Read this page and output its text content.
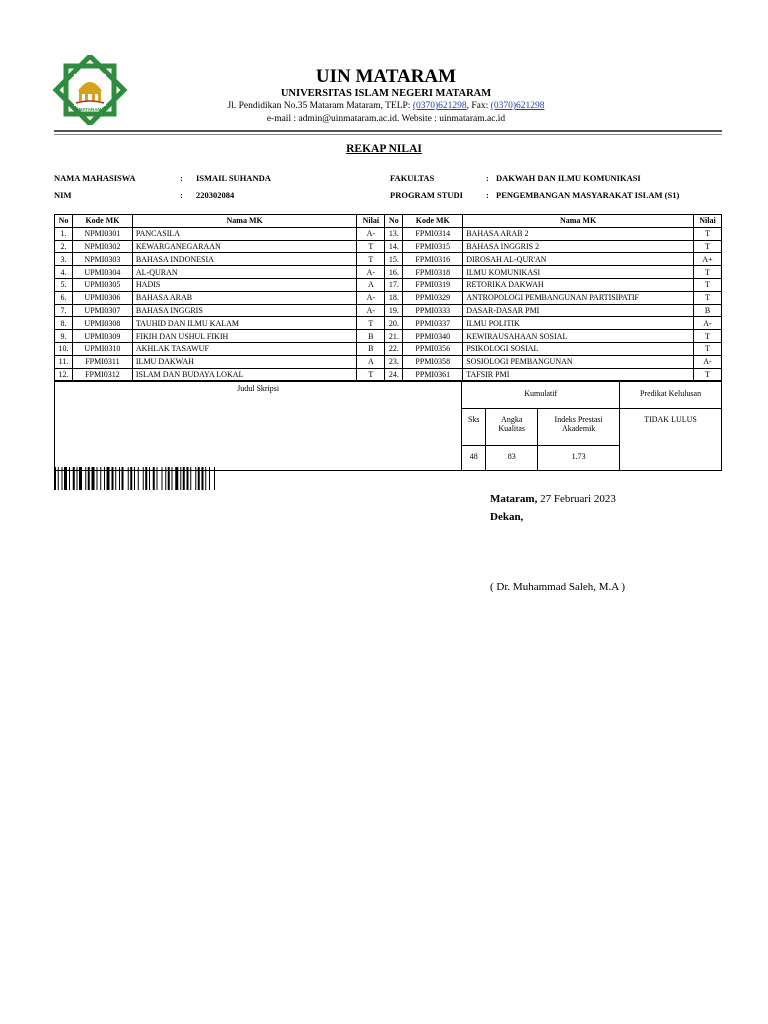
MATARAM
UIN MATARAM
UNIVERSITAS ISLAM NEGERI MATARAM
Jl. Pendidikan No.35 Mataram Mataram, TELP: (0370)621298, Fax: (0370)621298
e-mail : admin@uinmataram.ac.id. Website : uinmataram.ac.id
REKAP NILAI
NAMA MAHASISWA	: ISMAIL SUHANDA
NIM	: 220302084
FAKULTAS	: DAKWAH DAN ILMU KOMUNIKASI
PROGRAM STUDI	: PENGEMBANGAN MASYARAKAT ISLAM (S1)
No	Kode MK	Nama MK	Nilai	No	Kode MK	Nama MK	Nilai
1.	NPMI0301	PANCASILA	A-	13.	FPMI0314	BAHASA ARAB 2	T
2.	NPMI0302	KEWARGANEGARAAN	T	14.	FPMI0315	BAHASA INGGRIS 2	T
3.	NPMI0303	BAHASA INDONESIA	T	15.	FPMI0316	DIROSAH AL-QUR'AN	A+
4.	UPMI0304	AL-QURAN	A-	16.	FPMI0318	ILMU KOMUNIKASI	T
5.	UPMI0305	HADIS	A	17.	FPMI0319	RETORIKA DAKWAH	T
6.	UPMI0306	BAHASA ARAB	A-	18.	PPMI0329	ANTROPOLOGI PEMBANGUNAN PARTISIPATIF	T
7.	UPMI0307	BAHASA INGGRIS	A-	19.	PPMI0333	DASAR-DASAR PMI	B
8.	UPMI0308	TAUHID DAN ILMU KALAM	T	20.	PPMI0337	ILMU POLITIK	A-
9.	UPMI0309	FIKIH DAN USHUL FIKIH	B	21.	PPMI0340	KEWIRAUSAHAAN SOSIAL	T
10.	UPMI0310	AKHLAK TASAWUF	B	22.	PPMI0356	PSIKOLOGI SOSIAL	T
11.	FPMI0311	ILMU DAKWAH	A	23.	PPMI0358	SOSIOLOGI PEMBANGUNAN	A-
12.	FPMI0312	ISLAM DAN BUDAYA LOKAL	T	24.	PPMI0361	TAFSIR PMI	T
Judul Skripsi	Kumulatif			Predikat Kelulusan
	Sks	Angka Kualitas	Indeks Prestasi Akademik	TIDAK LULUS
	48	83	1.73	
Mataram, 27 Februari 2023
Dekan,
( Dr. Muhammad Saleh, M.A )
